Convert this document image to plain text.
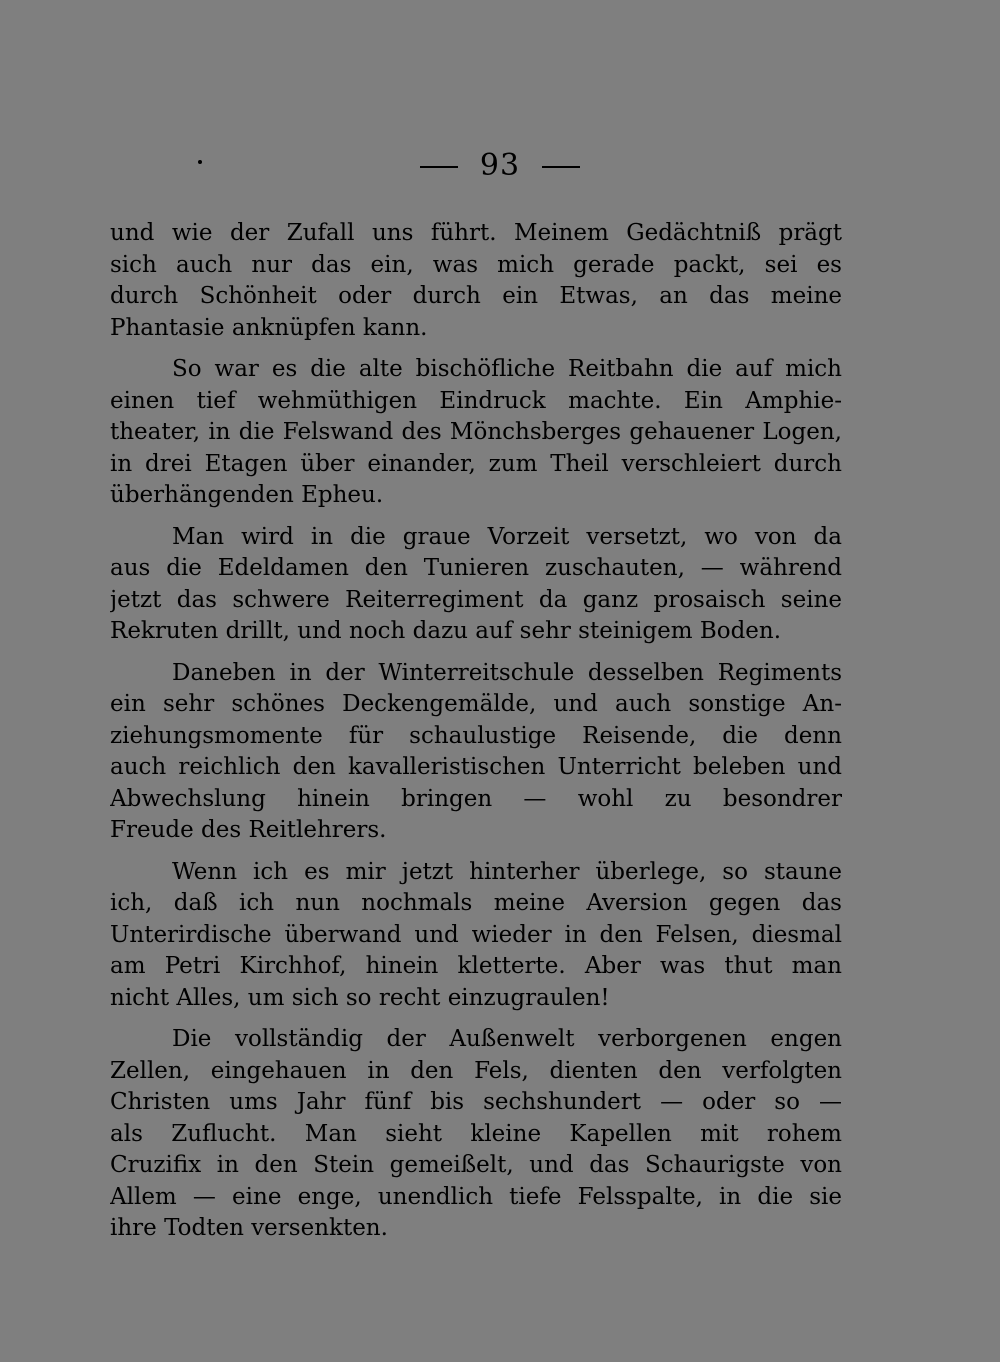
93
und wie der Zufall uns führt. Meinem Gedächtniß prägt
sich auch nur das ein, was mich gerade packt, sei es
durch Schönheit oder durch ein Etwas, an das meine
Phantasie anknüpfen kann.
So war es die alte bischöfliche Reitbahn die auf mich
einen tief wehmüthigen Eindruck machte. Ein Amphie-
theater, in die Felswand des Mönchsberges gehauener Logen,
in drei Etagen über einander, zum Theil verschleiert durch
überhängenden Epheu.
Man wird in die graue Vorzeit versetzt, wo von da
aus die Edeldamen den Tunieren zuschauten, — während
jetzt das schwere Reiterregiment da ganz prosaisch seine
Rekruten drillt, und noch dazu auf sehr steinigem Boden.
Daneben in der Winterreitschule desselben Regiments
ein sehr schönes Deckengemälde, und auch sonstige An-
ziehungsmomente für schaulustige Reisende, die denn
auch reichlich den kavalleristischen Unterricht beleben und
Abwechslung hinein bringen — wohl zu besondrer
Freude des Reitlehrers.
Wenn ich es mir jetzt hinterher überlege, so staune
ich, daß ich nun nochmals meine Aversion gegen das
Unterirdische überwand und wieder in den Felsen, diesmal
am Petri Kirchhof, hinein kletterte. Aber was thut man
nicht Alles, um sich so recht einzugraulen!
Die vollständig der Außenwelt verborgenen engen
Zellen, eingehauen in den Fels, dienten den verfolgten
Christen ums Jahr fünf bis sechshundert — oder so —
als Zuflucht. Man sieht kleine Kapellen mit rohem
Cruzifix in den Stein gemeißelt, und das Schaurigste von
Allem — eine enge, unendlich tiefe Felsspalte, in die sie
ihre Todten versenkten.
